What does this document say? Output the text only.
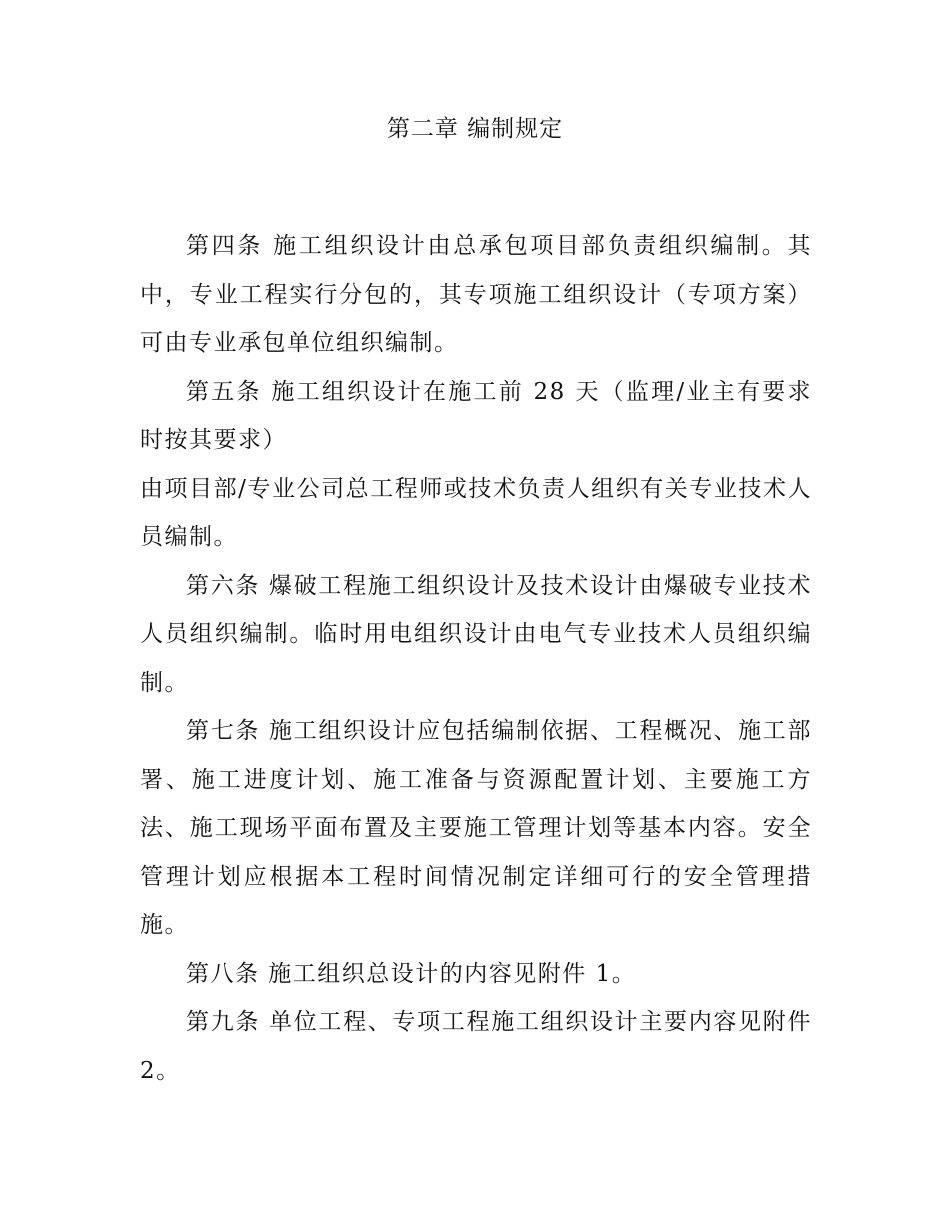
第二章 编制规定

第四条 施工组织设计由总承包项目部负责组织编制。其中，专业工程实行分包的，其专项施工组织设计（专项方案）可由专业承包单位组织编制。

第五条 施工组织设计在施工前 28 天（监理/业主有要求时按其要求）

由项目部/专业公司总工程师或技术负责人组织有关专业技术人员编制。

第六条 爆破工程施工组织设计及技术设计由爆破专业技术人员组织编制。临时用电组织设计由电气专业技术人员组织编制。

第七条 施工组织设计应包括编制依据、工程概况、施工部署、施工进度计划、施工准备与资源配置计划、主要施工方法、施工现场平面布置及主要施工管理计划等基本内容。安全管理计划应根据本工程时间情况制定详细可行的安全管理措施。

第八条 施工组织总设计的内容见附件 1。

第九条 单位工程、专项工程施工组织设计主要内容见附件 2。
